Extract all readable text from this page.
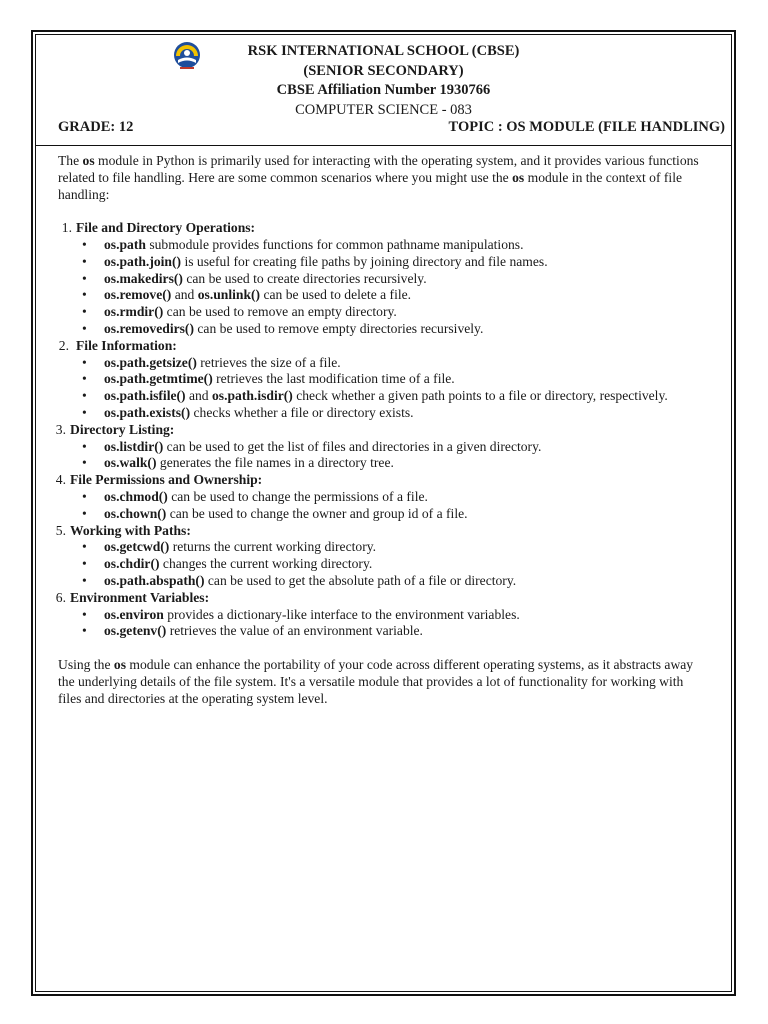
RSK INTERNATIONAL SCHOOL (CBSE)
(SENIOR SECONDARY)
CBSE Affiliation Number 1930766
COMPUTER SCIENCE - 083
GRADE: 12	TOPIC : OS MODULE (FILE HANDLING)

The os module in Python is primarily used for interacting with the operating system, and it provides various functions related to file handling. Here are some common scenarios where you might use the os module in the context of file handling:

1. File and Directory Operations:
• os.path submodule provides functions for common pathname manipulations.
• os.path.join() is useful for creating file paths by joining directory and file names.
• os.makedirs() can be used to create directories recursively.
• os.remove() and os.unlink() can be used to delete a file.
• os.rmdir() can be used to remove an empty directory.
• os.removedirs() can be used to remove empty directories recursively.
2. File Information:
• os.path.getsize() retrieves the size of a file.
• os.path.getmtime() retrieves the last modification time of a file.
• os.path.isfile() and os.path.isdir() check whether a given path points to a file or directory, respectively.
• os.path.exists() checks whether a file or directory exists.
3. Directory Listing:
• os.listdir() can be used to get the list of files and directories in a given directory.
• os.walk() generates the file names in a directory tree.
4. File Permissions and Ownership:
• os.chmod() can be used to change the permissions of a file.
• os.chown() can be used to change the owner and group id of a file.
5. Working with Paths:
• os.getcwd() returns the current working directory.
• os.chdir() changes the current working directory.
• os.path.abspath() can be used to get the absolute path of a file or directory.
6. Environment Variables:
• os.environ provides a dictionary-like interface to the environment variables.
• os.getenv() retrieves the value of an environment variable.

Using the os module can enhance the portability of your code across different operating systems, as it abstracts away the underlying details of the file system. It's a versatile module that provides a lot of functionality for working with files and directories at the operating system level.
